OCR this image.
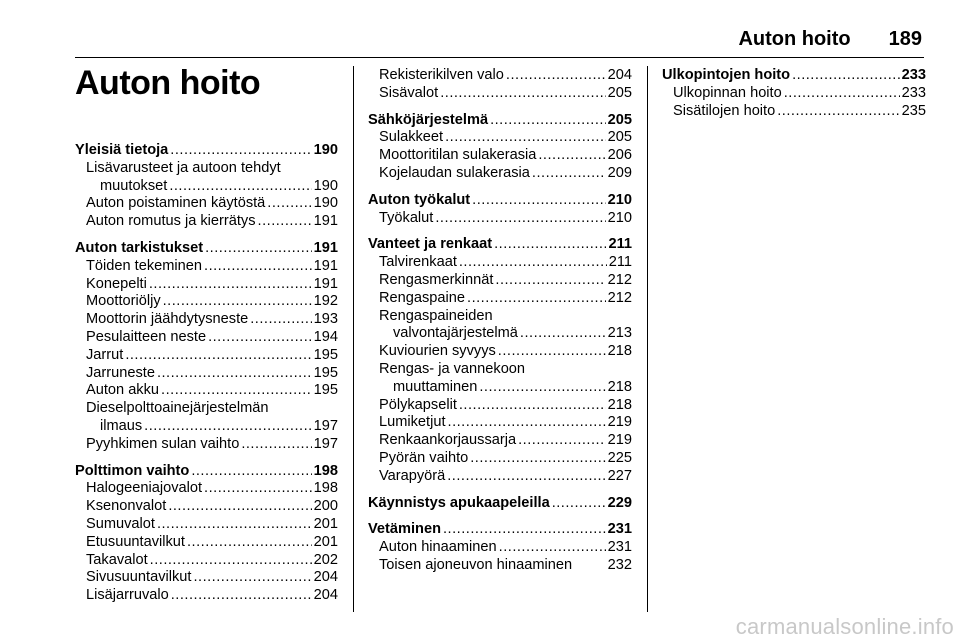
Auton hoito 189
Auton hoito
Yleisiä tietoja .....	190
Lisävarusteet ja autoon tehdyt
muutokset .....	190
Auton poistaminen käytöstä .....	190
Auton romutus ja kierrätys .....	191
Auton tarkistukset .....	191
Töiden tekeminen .....	191
Konepelti .....	191
Moottoriöljy .....	192
Moottorin jäähdytysneste .....	193
Pesulaitteen neste .....	194
Jarrut .....	195
Jarruneste .....	195
Auton akku .....	195
Dieselpolttoainejärjestelmän
ilmaus .....	197
Pyyhkimen sulan vaihto .....	197
Polttimon vaihto .....	198
Halogeeniajovalot .....	198
Ksenonvalot .....	200
Sumuvalot .....	201
Etusuuntavilkut .....	201
Takavalot .....	202
Sivusuuntavilkut .....	204
Lisäjarruvalo .....	204
Rekisterikilven valo .....	204
Sisävalot .....	205
Sähköjärjestelmä .....	205
Sulakkeet .....	205
Moottoritilan sulakerasia .....	206
Kojelaudan sulakerasia .....	209
Auton työkalut .....	210
Työkalut .....	210
Vanteet ja renkaat .....	211
Talvirenkaat .....	211
Rengasmerkinnät .....	212
Rengaspaine .....	212
Rengaspaineiden
valvontajärjestelmä .....	213
Kuviourien syvyys .....	218
Rengas- ja vannekoon
muuttaminen .....	218
Pölykapselit .....	218
Lumiketjut .....	219
Renkaankorjaussarja .....	219
Pyörän vaihto .....	225
Varapyörä .....	227
Käynnistys apukaapeleilla .....	229
Vetäminen .....	231
Auton hinaaminen .....	231
Toisen ajoneuvon hinaaminen 232
Ulkopintojen hoito .....	233
Ulkopinnan hoito .....	233
Sisätilojen hoito .....	235
carmanualsonline.info
